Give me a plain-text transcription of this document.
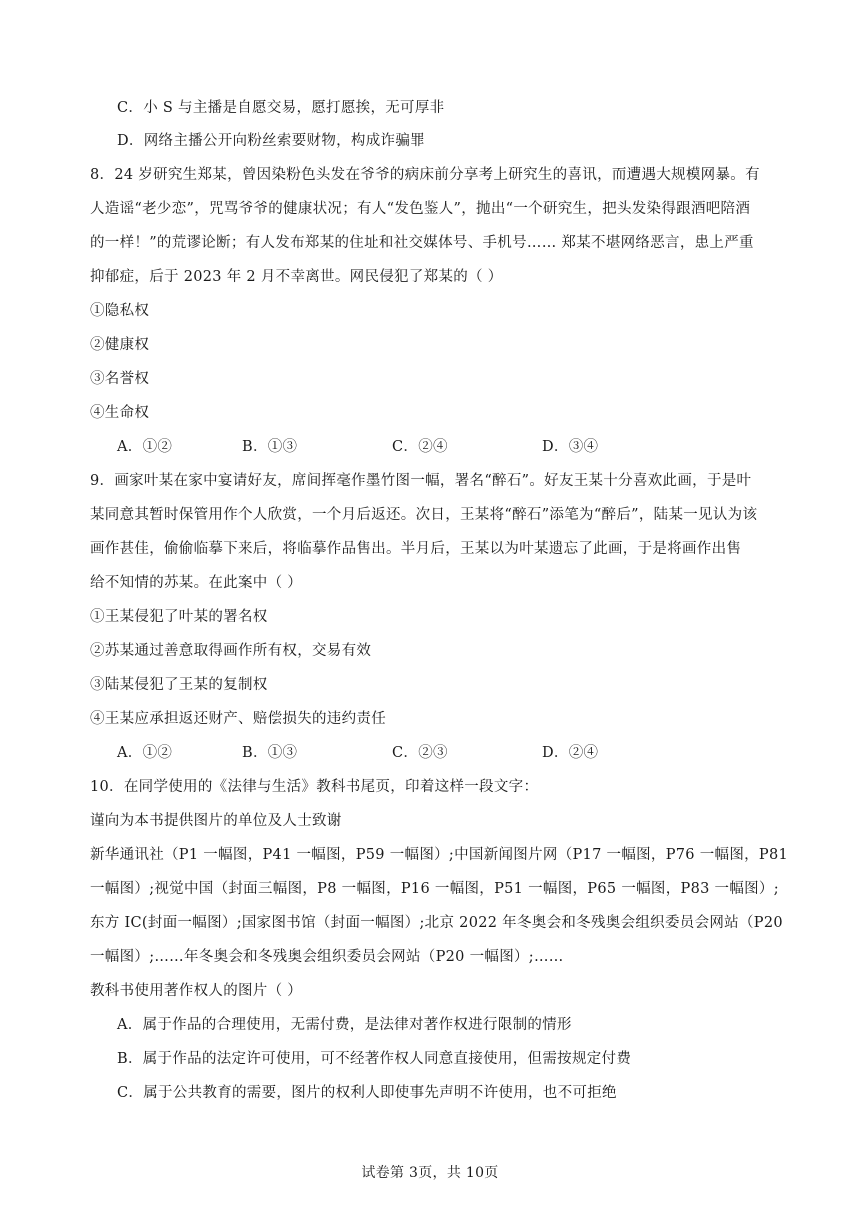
C．小 S 与主播是自愿交易，愿打愿挨，无可厚非
D．网络主播公开向粉丝索要财物，构成诈骗罪
8．24 岁研究生郑某，曾因染粉色头发在爷爷的病床前分享考上研究生的喜讯，而遭遇大规模网暴。有
人造谣“老少恋”，咒骂爷爷的健康状况；有人“发色鉴人”，抛出“一个研究生，把头发染得跟酒吧陪酒
的一样！”的荒谬论断；有人发布郑某的住址和社交媒体号、手机号…… 郑某不堪网络恶言，患上严重
抑郁症，后于 2023 年 2 月不幸离世。网民侵犯了郑某的（ ）
①隐私权
②健康权
③名誉权
④生命权
A．①②	B．①③	C．②④	D．③④
9．画家叶某在家中宴请好友，席间挥毫作墨竹图一幅，署名“醉石”。好友王某十分喜欢此画，于是叶
某同意其暂时保管用作个人欣赏，一个月后返还。次日，王某将“醉石”添笔为“醉后”，陆某一见认为该
画作甚佳，偷偷临摹下来后，将临摹作品售出。半月后，王某以为叶某遗忘了此画，于是将画作出售
给不知情的苏某。在此案中（ ）
①王某侵犯了叶某的署名权
②苏某通过善意取得画作所有权，交易有效
③陆某侵犯了王某的复制权
④王某应承担返还财产、赔偿损失的违约责任
A．①②	B．①③	C．②③	D．②④
10．在同学使用的《法律与生活》教科书尾页，印着这样一段文字：
谨向为本书提供图片的单位及人士致谢
新华通讯社（P1 一幅图，P41 一幅图，P59 一幅图）;中国新闻图片网（P17 一幅图，P76 一幅图，P81
一幅图）;视觉中国（封面三幅图，P8 一幅图，P16 一幅图，P51 一幅图，P65 一幅图，P83 一幅图）;
东方 IC(封面一幅图）;国家图书馆（封面一幅图）;北京 2022 年冬奥会和冬残奥会组织委员会网站（P20
一幅图）;……年冬奥会和冬残奥会组织委员会网站（P20 一幅图）;……
教科书使用著作权人的图片（ ）
A．属于作品的合理使用，无需付费，是法律对著作权进行限制的情形
B．属于作品的法定许可使用，可不经著作权人同意直接使用，但需按规定付费
C．属于公共教育的需要，图片的权利人即使事先声明不许使用，也不可拒绝
试卷第 3页，共 10页
